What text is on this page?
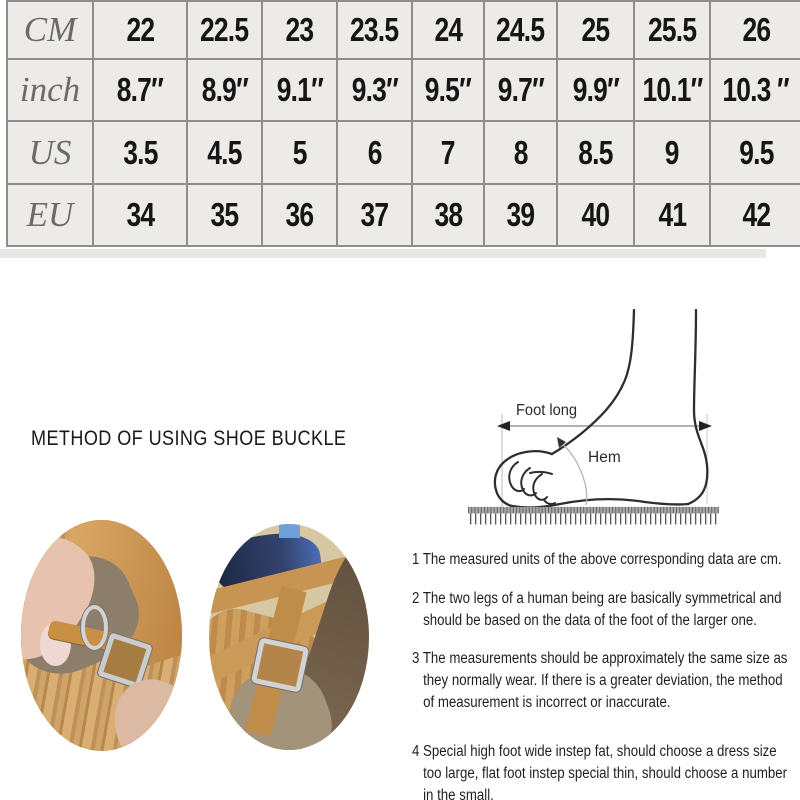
CM	22	22.5	23	23.5	24	24.5	25	25.5	26
inch	8.7″	8.9″	9.1″	9.3″	9.5″	9.7″	9.9″	10.1″	10.3 ″
US	3.5	4.5	5	6	7	8	8.5	9	9.5
EU	34	35	36	37	38	39	40	41	42
METHOD OF USING SHOE BUCKLE
Foot long
Hem
1 The measured units of the above corresponding data are cm.
2 The two legs of a human being are basically symmetrical and
should be based on the data of the foot of the larger one.
3 The measurements should be approximately the same size as
they normally wear. If there is a greater deviation, the method
of measurement is incorrect or inaccurate.
4 Special high foot wide instep fat, should choose a dress size
too large, flat foot instep special thin, should choose a number
in the small.
